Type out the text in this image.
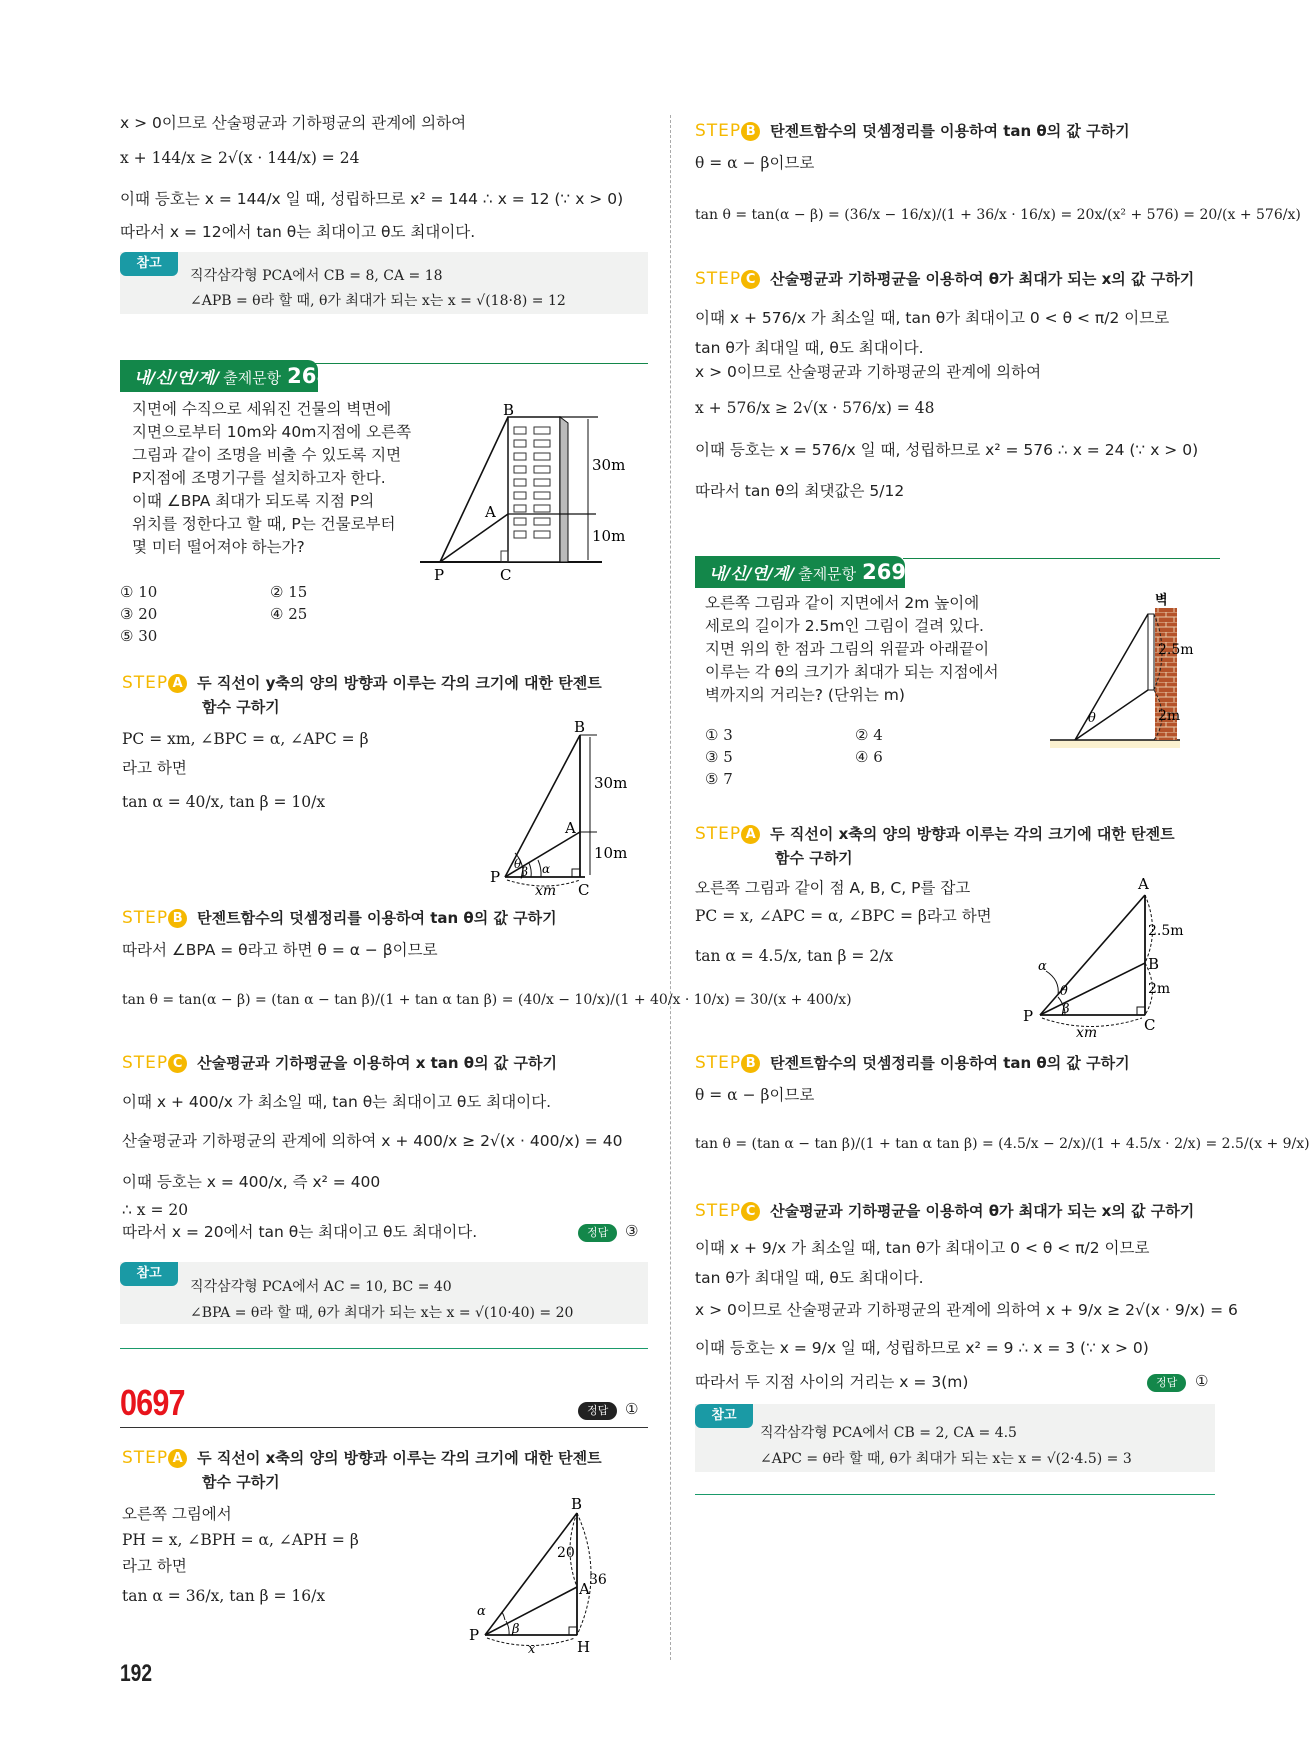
x > 0이므로 산술평균과 기하평균의 관계에 의하여
x + 144/x ≥ 2√(x · 144/x) = 24
이때 등호는 x = 144/x 일 때, 성립하므로 x² = 144 ∴ x = 12 (∵ x > 0)
따라서 x = 12에서 tan θ는 최대이고 θ도 최대이다.
참고
직각삼각형 PCA에서 CB = 8, CA = 18
∠APB = θ라 할 때, θ가 최대가 되는 x는 x = √(18·8) = 12
내/신/연/계/ 출제문항 268
지면에 수직으로 세워진 건물의 벽면에
지면으로부터 10m와 40m지점에 오른쪽
그림과 같이 조명을 비출 수 있도록 지면
P지점에 조명기구를 설치하고자 한다.
이때 ∠BPA 최대가 되도록 지점 P의
위치를 정한다고 할 때, P는 건물로부터
몇 미터 떨어져야 하는가?
B
A
P	C
30m
10m
① 10	② 15
③ 20	④ 25
⑤ 30
STEP A 두 직선이 y축의 양의 방향과 이루는 각의 크기에 대한 탄젠트
함수 구하기
PC = xm, ∠BPC = α, ∠APC = β
라고 하면
tan α = 40/x, tan β = 10/x
B
A
P
C
30m
10m
xm
θ
β α
STEP B 탄젠트함수의 덧셈정리를 이용하여 tan θ의 값 구하기
따라서 ∠BPA = θ라고 하면 θ = α − β이므로
tan θ = tan(α − β) = (tan α − tan β)/(1 + tan α tan β) = (40/x − 10/x)/(1 + 40/x · 10/x) = 30/(x + 400/x)
STEP C 산술평균과 기하평균을 이용하여 x tan θ의 값 구하기
이때 x + 400/x 가 최소일 때, tan θ는 최대이고 θ도 최대이다.
산술평균과 기하평균의 관계에 의하여 x + 400/x ≥ 2√(x · 400/x) = 40
이때 등호는 x = 400/x, 즉 x² = 400
∴ x = 20
따라서 x = 20에서 tan θ는 최대이고 θ도 최대이다.	정답	③
참고
직각삼각형 PCA에서 AC = 10, BC = 40
∠BPA = θ라 할 때, θ가 최대가 되는 x는 x = √(10·40) = 20
0697	정답	①
STEP A 두 직선이 x축의 양의 방향과 이루는 각의 크기에 대한 탄젠트
함수 구하기
오른쪽 그림에서
PH = x, ∠BPH = α, ∠APH = β
라고 하면
tan α = 36/x, tan β = 16/x
B
A
P
H
20
36
x
α
β
192
STEP B 탄젠트함수의 덧셈정리를 이용하여 tan θ의 값 구하기
θ = α − β이므로
tan θ = tan(α − β) = (36/x − 16/x)/(1 + 36/x · 16/x) = 20x/(x² + 576) = 20/(x + 576/x)
STEP C 산술평균과 기하평균을 이용하여 θ가 최대가 되는 x의 값 구하기
이때 x + 576/x 가 최소일 때, tan θ가 최대이고 0 < θ < π/2 이므로
tan θ가 최대일 때, θ도 최대이다.
x > 0이므로 산술평균과 기하평균의 관계에 의하여
x + 576/x ≥ 2√(x · 576/x) = 48
이때 등호는 x = 576/x 일 때, 성립하므로 x² = 576 ∴ x = 24 (∵ x > 0)
따라서 tan θ의 최댓값은 5/12
내/신/연/계/ 출제문항 269
오른쪽 그림과 같이 지면에서 2m 높이에
세로의 길이가 2.5m인 그림이 걸려 있다.
지면 위의 한 점과 그림의 위끝과 아래끝이
이루는 각 θ의 크기가 최대가 되는 지점에서
벽까지의 거리는? (단위는 m)
벽
2.5m
2m
θ
① 3	② 4
③ 5	④ 6
⑤ 7
STEP A 두 직선이 x축의 양의 방향과 이루는 각의 크기에 대한 탄젠트
함수 구하기
오른쪽 그림과 같이 점 A, B, C, P를 잡고
PC = x, ∠APC = α, ∠BPC = β라고 하면
tan α = 4.5/x, tan β = 2/x
A
B
C
P
2.5m
2m
xm
α
θ
β
STEP B 탄젠트함수의 덧셈정리를 이용하여 tan θ의 값 구하기
θ = α − β이므로
tan θ = (tan α − tan β)/(1 + tan α tan β) = (4.5/x − 2/x)/(1 + 4.5/x · 2/x) = 2.5/(x + 9/x)
STEP C 산술평균과 기하평균을 이용하여 θ가 최대가 되는 x의 값 구하기
이때 x + 9/x 가 최소일 때, tan θ가 최대이고 0 < θ < π/2 이므로
tan θ가 최대일 때, θ도 최대이다.
x > 0이므로 산술평균과 기하평균의 관계에 의하여 x + 9/x ≥ 2√(x · 9/x) = 6
이때 등호는 x = 9/x 일 때, 성립하므로 x² = 9 ∴ x = 3 (∵ x > 0)
따라서 두 지점 사이의 거리는 x = 3(m)	정답	①
참고
직각삼각형 PCA에서 CB = 2, CA = 4.5
∠APC = θ라 할 때, θ가 최대가 되는 x는 x = √(2·4.5) = 3
